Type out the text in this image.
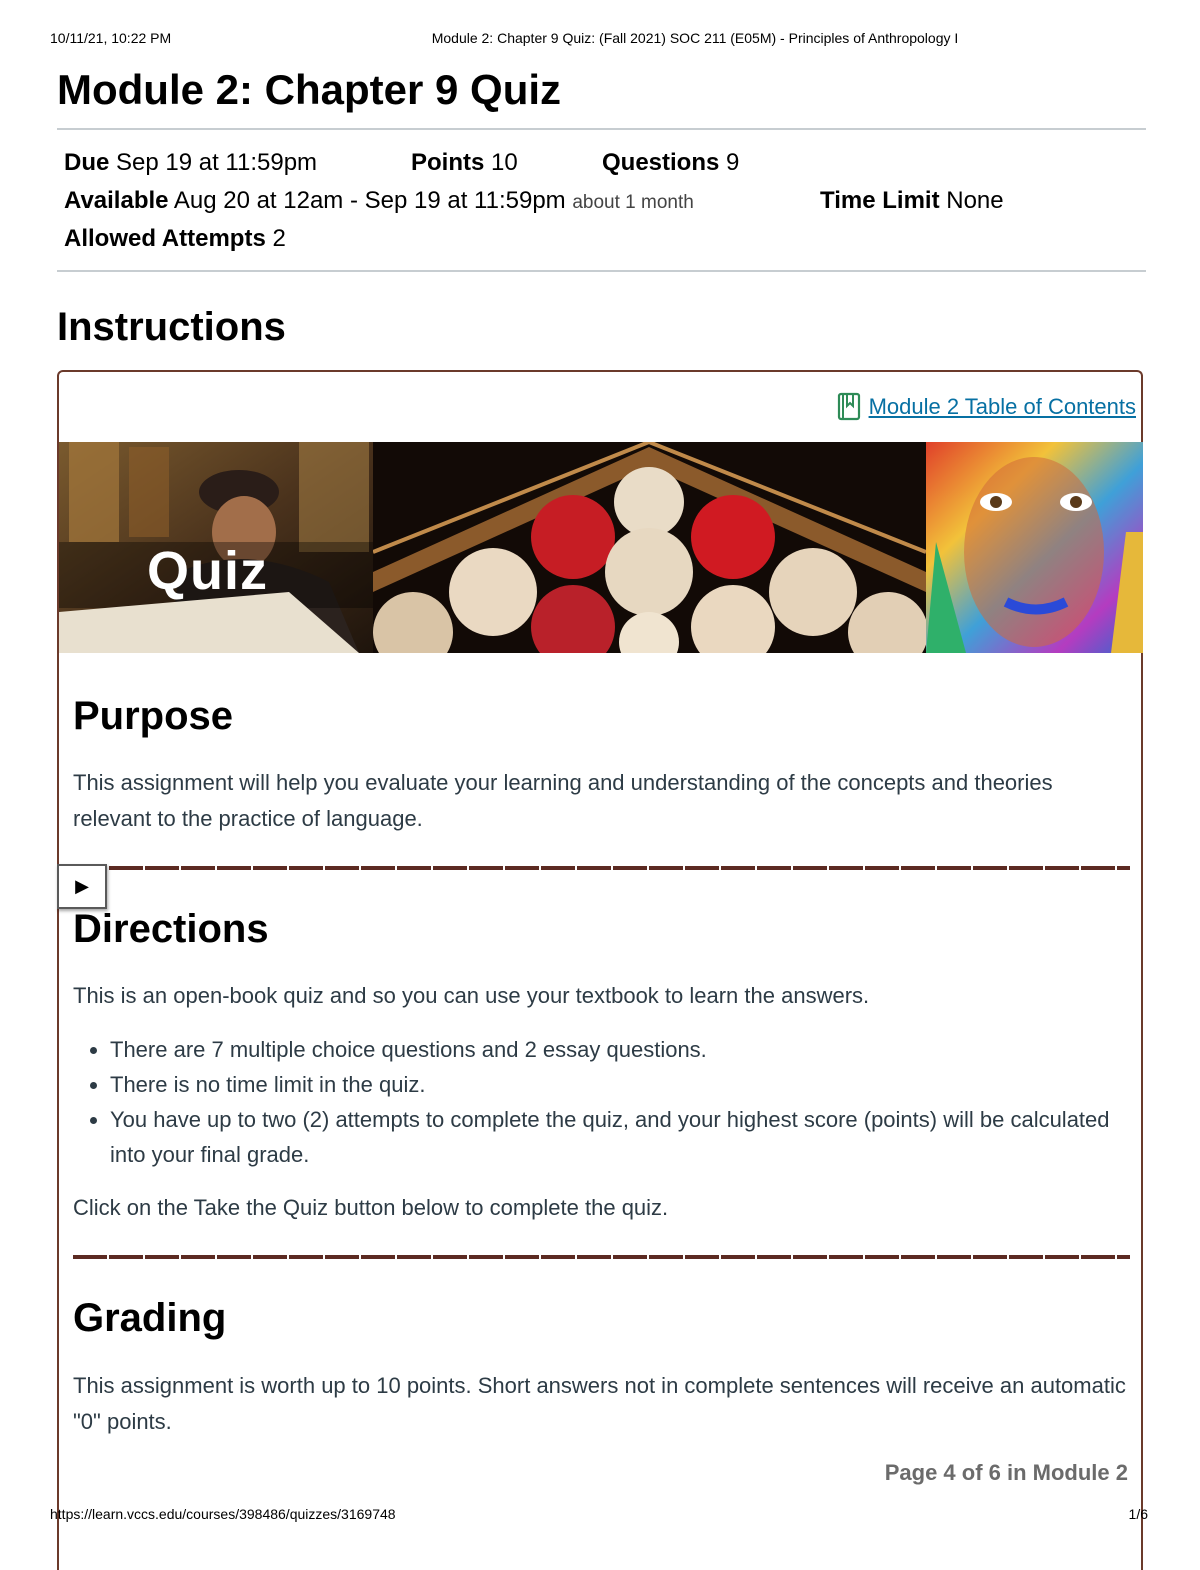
10/11/21, 10:22 PM	Module 2: Chapter 9 Quiz: (Fall 2021) SOC 211 (E05M) - Principles of Anthropology I
Module 2: Chapter 9 Quiz
Due Sep 19 at 11:59pm	Points 10	Questions 9
Available Aug 20 at 12am - Sep 19 at 11:59pm about 1 month	Time Limit None
Allowed Attempts 2
Instructions
Module 2 Table of Contents
Quiz
Purpose

This assignment will help you evaluate your learning and understanding of the concepts and theories relevant to the practice of language.

▶
Directions

This is an open-book quiz and so you can use your textbook to learn the answers.

• There are 7 multiple choice questions and 2 essay questions.
• There is no time limit in the quiz.
• You have up to two (2) attempts to complete the quiz, and your highest score (points) will be calculated into your final grade.

Click on the Take the Quiz button below to complete the quiz.

Grading

This assignment is worth up to 10 points. Short answers not in complete sentences will receive an automatic "0" points.

Page 4 of 6 in Module 2
https://learn.vccs.edu/courses/398486/quizzes/3169748	1/6
